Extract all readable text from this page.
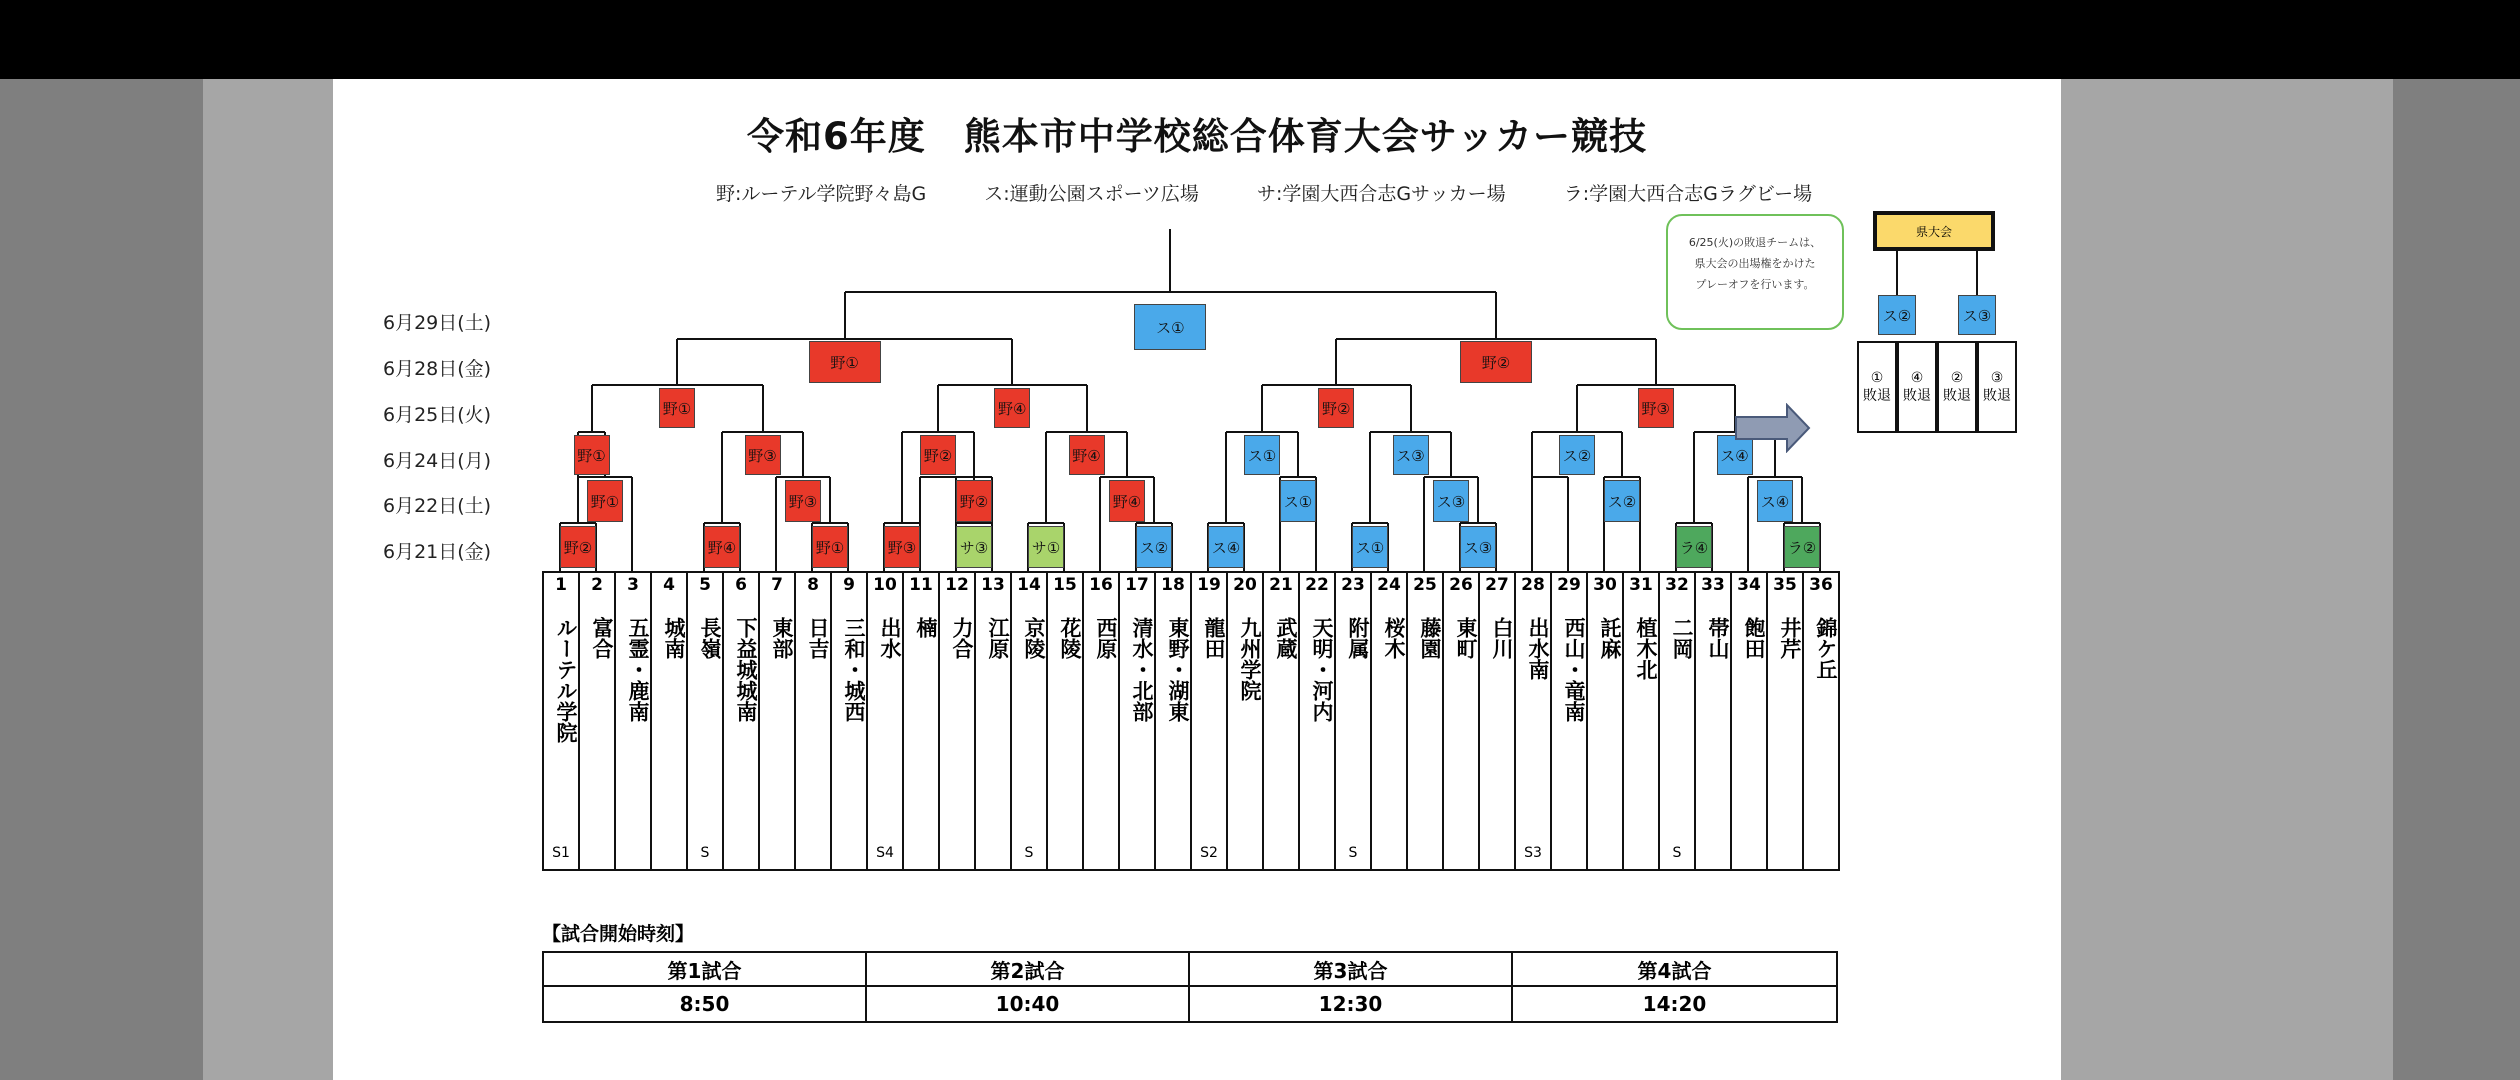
令和6年度　熊本市中学校総合体育大会サッカー競技
野:ルーテル学院野々島G	ス:運動公園スポーツ広場	サ:学園大西合志Gサッカー場	ラ:学園大西合志Gラグビー場
6月29日(土)
6月28日(金)
6月25日(火)
6月24日(月)
6月22日(土)
6月21日(金)
ス①
野①	野②
野①	野④	野②	野③
野①	野③	野②	野④	ス①	ス③	ス②	ス④
野①	野③	野②	野④	ス①	ス③	ス②	ス④
野②	野④	野①	野③	サ③	サ①	ス②	ス④	ス①	ス③	ラ④	ラ②
1
ルーテル学院
S1
2
富合
3
五霊・鹿南
4
城南
5
長嶺
S
6
下益城城南
7
東部
8
日吉
9
三和・城西
10
出水
S4
11
楠
12
力合
13
江原
14
京陵
S
15
花陵
16
西原
17
清水・北部
18
東野・湖東
19
龍田
S2
20
九州学院
21
武蔵
22
天明・河内
23
附属
S
24
桜木
25
藤園
26
東町
27
白川
28
出水南
S3
29
西山・竜南
30
託麻
31
植木北
32
二岡
S
33
帯山
34
飽田
35
井芹
36
錦ケ丘
6/25(火)の敗退チームは、
県大会の出場権をかけた
プレーオフを行います。
県大会
①
敗退
④
敗退
②
敗退
③
敗退
ス②	ス③
【試合開始時刻】
第1試合	第2試合	第3試合	第4試合
8:50	10:40	12:30	14:20
